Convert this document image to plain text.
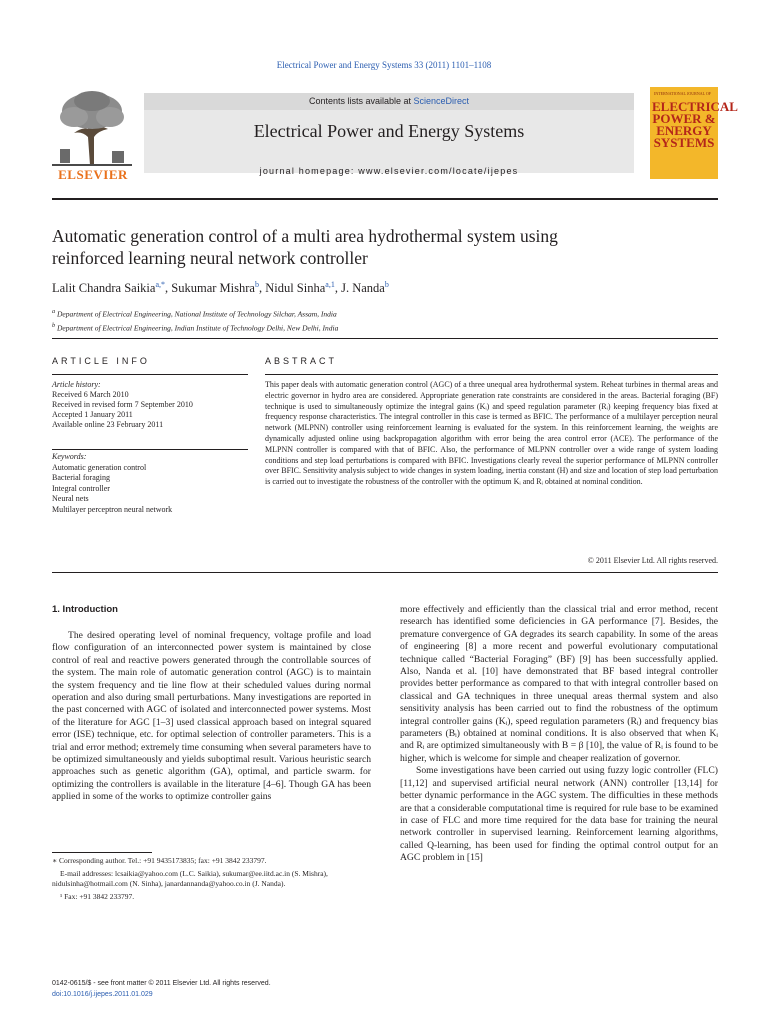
Electrical Power and Energy Systems 33 (2011) 1101–1108
ELSEVIER
Contents lists available at ScienceDirect
Electrical Power and Energy Systems
journal homepage: www.elsevier.com/locate/ijepes
INTERNATIONAL JOURNAL OF
ELECTRICAL POWER & ENERGY SYSTEMS
Automatic generation control of a multi area hydrothermal system using
reinforced learning neural network controller
Lalit Chandra Saikia$^{a,*}$, Sukumar Mishra$^b$, Nidul Sinha$^{a,1}$, J. Nanda$^b$
$^a$ Department of Electrical Engineering, National Institute of Technology Silchar, Assam, India
$^b$ Department of Electrical Engineering, Indian Institute of Technology Delhi, New Delhi, India
ARTICLE INFO	ABSTRACT
Article history:
Received 6 March 2010
Received in revised form 7 September 2010
Accepted 1 January 2011
Available online 23 February 2011
Keywords:
Automatic generation control
Bacterial foraging
Integral controller
Neural nets
Multilayer perceptron neural network
This paper deals with automatic generation control (AGC) of a three unequal area hydrothermal system. Reheat turbines in thermal areas and electric governor in hydro area are considered. Appropriate generation rate constraints are considered in the areas. Bacterial foraging (BF) technique is used to simultaneously optimize the integral gains (Kᵢ) and speed regulation parameter (Rᵢ) keeping frequency bias fixed at frequency response characteristics. The integral controller in this case is termed as BFIC. The performance of a multilayer perception neural network (MLPNN) controller using reinforcement learning is evaluated for the system. In this reinforcement learning, the weights are dynamically adjusted online using backpropagation algorithm with error being the area control error (ACE). The performance of the MLPNN controller is compared with that of BFIC. Also, the performance of MLPNN controller over a wide range of system loading conditions and step load perturbations is compared with BFIC. Investigations clearly reveal the superior performance of MLPNN controller over BFIC. Sensitivity analysis subject to wide changes in system loading, inertia constant (H) and size and location of step load perturbation is carried out to investigate the robustness of the controller with the optimum Kᵢ and Rᵢ obtained at nominal condition.
© 2011 Elsevier Ltd. All rights reserved.
1. Introduction

The desired operating level of nominal frequency, voltage profile and load flow configuration of an interconnected power system is maintained by close control of real and reactive powers generated through the controllable sources of the system. The main role of automatic generation control (AGC) is to maintain the system frequency and tie line flow at their scheduled values during normal operation and also during small perturbations. Many investigations are reported in the past concerned with AGC of isolated and interconnected power systems. Most of the literature for AGC [1–3] used classical approach based on integral squared error (ISE) technique, etc. for optimal selection of controller parameters. This is a trial and error method; extremely time consuming when several parameters have to be optimized simultaneously and yields suboptimal result. Various heuristic search approaches such as genetic algorithm (GA), optimal, and particle swarm. for optimizing the controllers is available in the literature [4–6]. Though GA has been applied in some of the works to optimize controller gains

more effectively and efficiently than the classical trial and error method, recent research has identified some deficiencies in GA performance [7]. Besides, the premature convergence of GA degrades its search capability. In some of the areas of engineering [8] a more recent and powerful evolutionary computational technique called “Bacterial Foraging” (BF) [9] has been successfully applied. Also, Nanda et al. [10] have demonstrated that BF based integral controller provides better performance as compared to that with integral controller based on classical and GA techniques in three unequal areas thermal system and also sensitivity analysis has been carried out to find the robustness of the optimum integral controller gains (Kᵢ), speed regulation parameters (Rᵢ) and frequency bias parameters (Bᵢ) obtained at nominal conditions. It is also observed that when Kᵢ and Rᵢ are optimized simultaneously with B = β [10], the value of Rᵢ is found to be higher, which is welcome for simple and cheaper realization of governor.

Some investigations have been carried out using fuzzy logic controller (FLC) [11,12] and supervised artificial neural network (ANN) controller [13,14] for better dynamic performance in the AGC system. The difficulties in these methods are that a considerable computational time is required for rule base to be examined in case of FLC and more time required for the data base for training the neural network controller in supervised learning. Reinforcement learning algorithms, called Q-learning, has been used for finding the optimal control output for an AGC problem in [15]

∗ Corresponding author. Tel.: +91 9435173835; fax: +91 3842 233797.

E-mail addresses: lcsaikia@yahoo.com (L.C. Saikia), sukumar@ee.iitd.ac.in (S. Mishra), nidulsinha@hotmail.com (N. Sinha), janardannanda@yahoo.co.in (J. Nanda).

¹ Fax: +91 3842 233797.

0142-0615/$ - see front matter © 2011 Elsevier Ltd. All rights reserved.
doi:10.1016/j.ijepes.2011.01.029
